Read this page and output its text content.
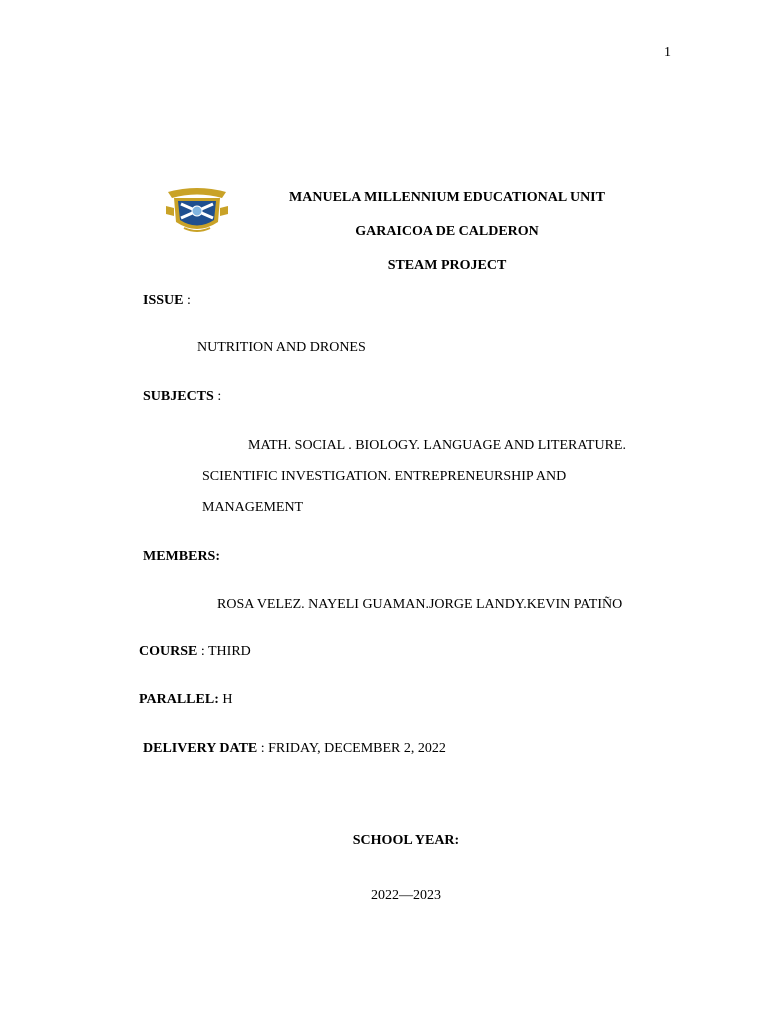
1
MANUELA MILLENNIUM EDUCATIONAL UNIT
GARAICOA DE CALDERON
STEAM PROJECT
ISSUE :
NUTRITION AND DRONES
SUBJECTS :
MATH. SOCIAL . BIOLOGY. LANGUAGE AND LITERATURE.
SCIENTIFIC INVESTIGATION. ENTREPRENEURSHIP AND
MANAGEMENT
MEMBERS:
ROSA VELEZ. NAYELI GUAMAN.JORGE LANDY.KEVIN PATIÑO
COURSE : THIRD
PARALLEL: H
DELIVERY DATE : FRIDAY, DECEMBER 2, 2022
SCHOOL YEAR:
2022—2023
